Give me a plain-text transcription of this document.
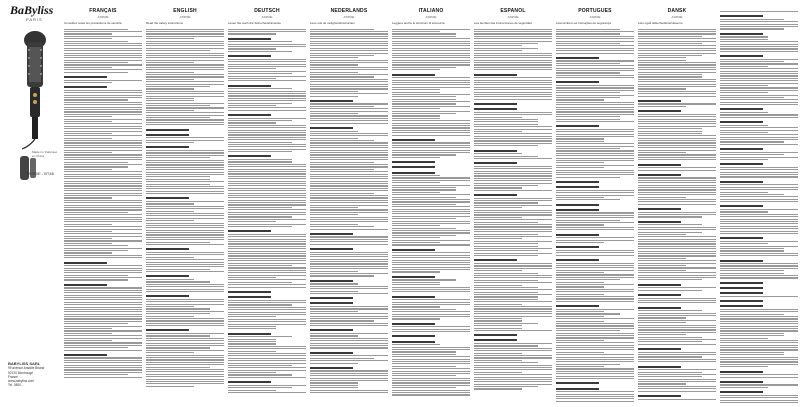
BaByliss
PARIS
Made in / Fabriqué en China
AS950E - BT46
BABYLISS SARL
99 avenue Aristide Briand
92120 Montrouge
France
www.babyliss.com
Tel. 0800...
FRANÇAIS
AS950E
Consultez aussi les précautions de sécurité
ENGLISH
AS950E
Read the safety instructions
DEUTSCH
AS950E
Lesen Sie auch die Sicherheitshinweise
NEDERLANDS
AS950E
Lees ook de veiligheidsinstructies
ITALIANO
AS950E
Leggere anche le istruzioni di sicurezza
ESPAÑOL
AS950E
Lea también las instrucciones de seguridad
PORTUGUÊS
AS950E
Leia também as instruções de segurança
DANSK
AS950E
Læs også sikkerhedsinstrukserne
